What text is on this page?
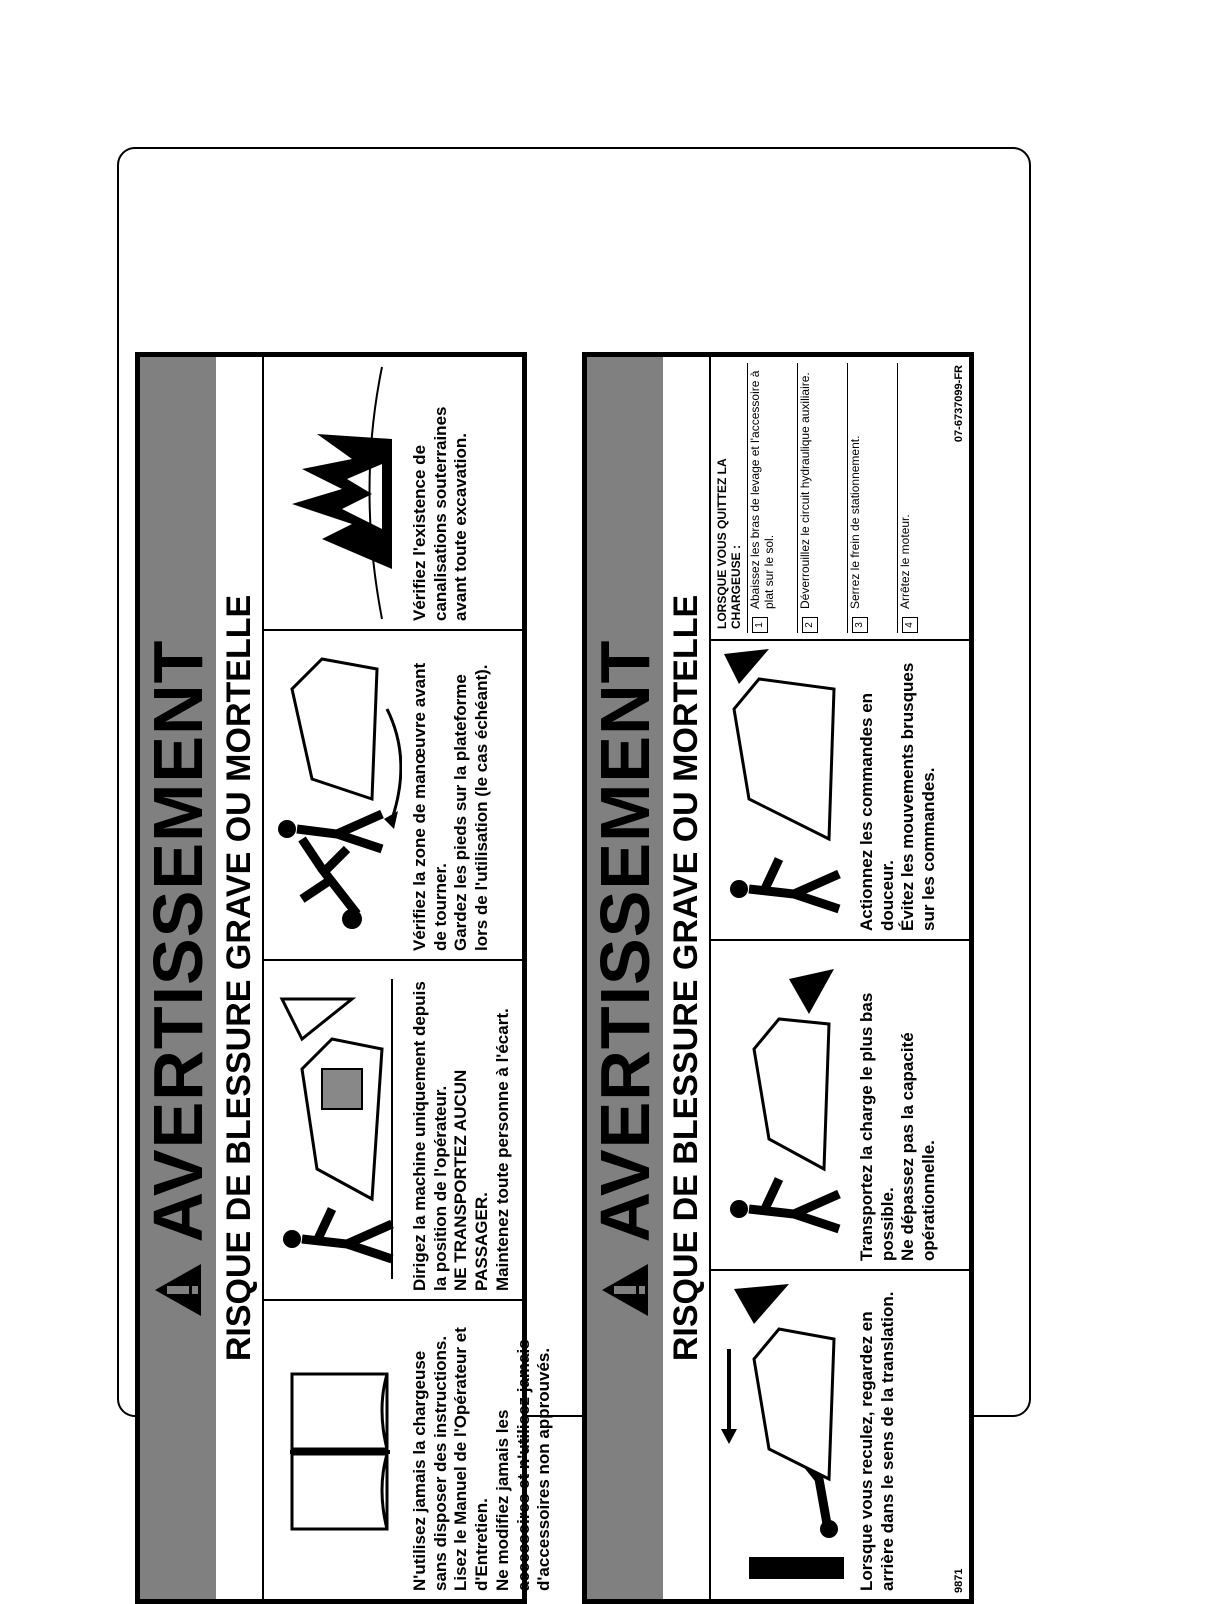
AVERTISSEMENT RISQUE DE BLESSURE GRAVE OU MORTELLE

N'utilisez jamais la chargeuse sans disposer des instructions. Lisez le Manuel de l'Opérateur et d'Entretien. Ne modifiez jamais les accessoires et n'utilisez jamais d'accessoires non approuvés.

Dirigez la machine uniquement depuis la position de l'opérateur. NE TRANSPORTEZ AUCUN PASSAGER. Maintenez toute personne à l'écart.

Vérifiez la zone de manœuvre avant de tourner. Gardez les pieds sur la plateforme lors de l'utilisation (le cas échéant).

Vérifiez l'existence de canalisations souterraines avant toute excavation.

AVERTISSEMENT RISQUE DE BLESSURE GRAVE OU MORTELLE

Lorsque vous reculez, regardez en arrière dans le sens de la translation.	9871

Transportez la charge le plus bas possible. Ne dépassez pas la capacité opérationnelle.

Actionnez les commandes en douceur. Évitez les mouvements brusques sur les commandes.

LORSQUE VOUS QUITTEZ LA CHARGEUSE : 1
Abaissez les bras de levage et l'accessoire à plat sur le sol.
2
Déverrouillez le circuit hydraulique auxiliaire.
3
Serrez le frein de stationnement.
4
Arrêtez le moteur.
07-6737099-FR
